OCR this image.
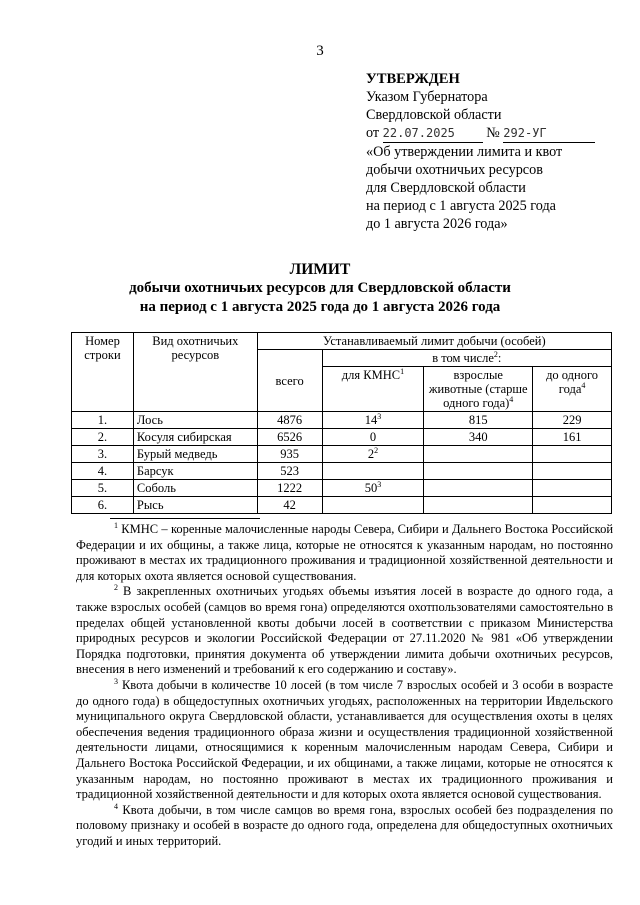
3
УТВЕРЖДЕН
Указом Губернатора
Свердловской области
от 22.07.2025 № 292-УГ
«Об утверждении лимита и квот
добычи охотничьих ресурсов
для Свердловской области
на период с 1 августа 2025 года
до 1 августа 2026 года»
ЛИМИТ
добычи охотничьих ресурсов для Свердловской области
на период с 1 августа 2025 года до 1 августа 2026 года
Номер строки	Вид охотничьих ресурсов	Устанавливаемый лимит добычи (особей)			
		всего	в том числе$^2$:		
			для КМНС$^1$	взрослые животные (старше одного года)$^4$	до одного года$^4$
1.	Лось	4876	$14^3$	815	229
2.	Косуля сибирская	6526	0	340	161
3.	Бурый медведь	935	$2^2$		
4.	Барсук	523			
5.	Соболь	1222	$50^3$		
6.	Рысь	42			

$^1$ КМНС – коренные малочисленные народы Севера, Сибири и Дальнего Востока Российской Федерации и их общины, а также лица, которые не относятся к указанным народам, но постоянно проживают в местах их традиционного проживания и традиционной хозяйственной деятельности и для которых охота является основой существования.

$^2$ В закрепленных охотничьих угодьях объемы изъятия лосей в возрасте до одного года, а также взрослых особей (самцов во время гона) определяются охотпользователями самостоятельно в пределах общей установленной квоты добычи лосей в соответствии с приказом Министерства природных ресурсов и экологии Российской Федерации от 27.11.2020 № 981 «Об утверждении Порядка подготовки, принятия документа об утверждении лимита добычи охотничьих ресурсов, внесения в него изменений и требований к его содержанию и составу».

$^3$ Квота добычи в количестве 10 лосей (в том числе 7 взрослых особей и 3 особи в возрасте до одного года) в общедоступных охотничьих угодьях, расположенных на территории Ивдельского муниципального округа Свердловской области, устанавливается для осуществления охоты в целях обеспечения ведения традиционного образа жизни и осуществления традиционной хозяйственной деятельности лицами, относящимися к коренным малочисленным народам Севера, Сибири и Дальнего Востока Российской Федерации, и их общинами, а также лицами, которые не относятся к указанным народам, но постоянно проживают в местах их традиционного проживания и традиционной хозяйственной деятельности и для которых охота является основой существования.

$^4$ Квота добычи, в том числе самцов во время гона, взрослых особей без подразделения по половому признаку и особей в возрасте до одного года, определена для общедоступных охотничьих угодий и иных территорий.
